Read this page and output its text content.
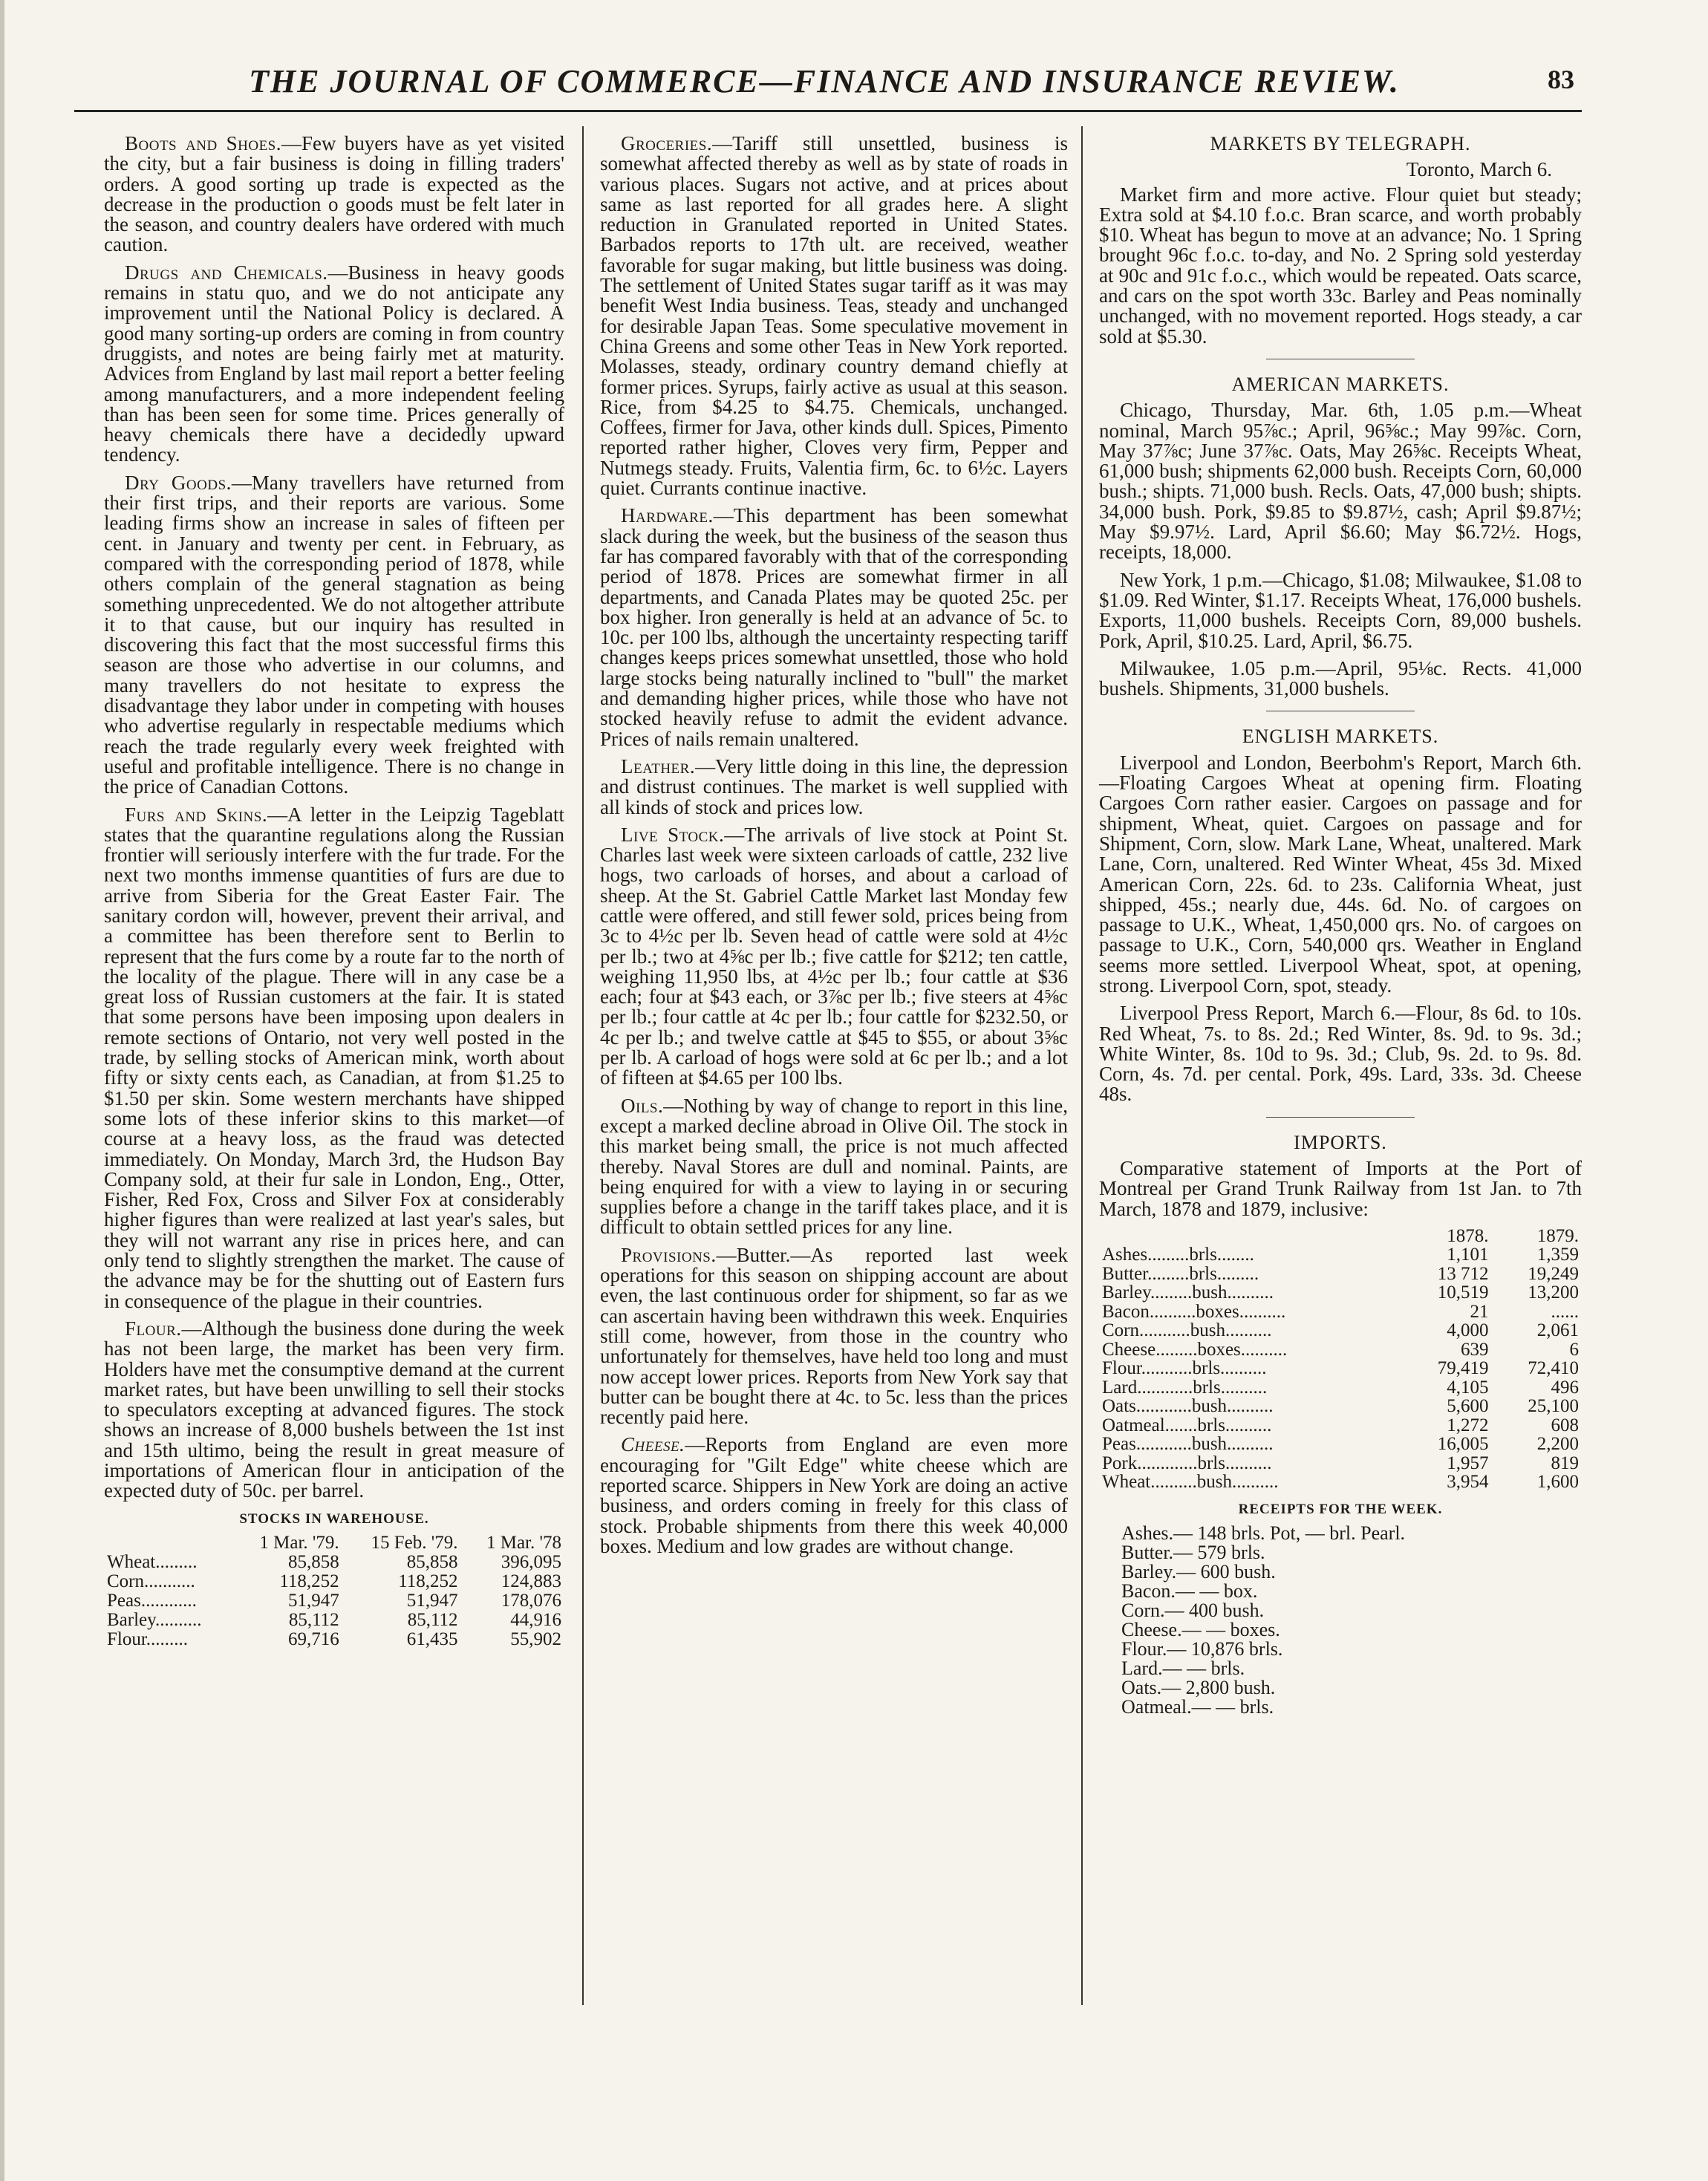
THE JOURNAL OF COMMERCE—FINANCE AND INSURANCE REVIEW.	83

Boots and Shoes.—Few buyers have as yet visited the city, but a fair business is doing in filling traders' orders. A good sorting up trade is expected as the decrease in the production o goods must be felt later in the season, and country dealers have ordered with much caution.

Drugs and Chemicals.—Business in heavy goods remains in statu quo, and we do not anticipate any improvement until the National Policy is declared. A good many sorting-up orders are coming in from country druggists, and notes are being fairly met at maturity. Advices from England by last mail report a better feeling among manufacturers, and a more independent feeling than has been seen for some time. Prices generally of heavy chemicals there have a decidedly upward tendency.

Dry Goods.—Many travellers have returned from their first trips, and their reports are various. Some leading firms show an increase in sales of fifteen per cent. in January and twenty per cent. in February, as compared with the corresponding period of 1878, while others complain of the general stagnation as being something unprecedented. We do not altogether attribute it to that cause, but our inquiry has resulted in discovering this fact that the most successful firms this season are those who advertise in our columns, and many travellers do not hesitate to express the disadvantage they labor under in competing with houses who advertise regularly in respectable mediums which reach the trade regularly every week freighted with useful and profitable intelligence. There is no change in the price of Canadian Cottons.

Furs and Skins.—A letter in the Leipzig Tageblatt states that the quarantine regulations along the Russian frontier will seriously interfere with the fur trade. For the next two months immense quantities of furs are due to arrive from Siberia for the Great Easter Fair. The sanitary cordon will, however, prevent their arrival, and a committee has been therefore sent to Berlin to represent that the furs come by a route far to the north of the locality of the plague. There will in any case be a great loss of Russian customers at the fair. It is stated that some persons have been imposing upon dealers in remote sections of Ontario, not very well posted in the trade, by selling stocks of American mink, worth about fifty or sixty cents each, as Canadian, at from $1.25 to $1.50 per skin. Some western merchants have shipped some lots of these inferior skins to this market—of course at a heavy loss, as the fraud was detected immediately. On Monday, March 3rd, the Hudson Bay Company sold, at their fur sale in London, Eng., Otter, Fisher, Red Fox, Cross and Silver Fox at considerably higher figures than were realized at last year's sales, but they will not warrant any rise in prices here, and can only tend to slightly strengthen the market. The cause of the advance may be for the shutting out of Eastern furs in consequence of the plague in their countries.

Flour.—Although the business done during the week has not been large, the market has been very firm. Holders have met the consumptive demand at the current market rates, but have been unwilling to sell their stocks to speculators excepting at advanced figures. The stock shows an increase of 8,000 bushels between the 1st inst and 15th ultimo, being the result in great measure of importations of American flour in anticipation of the expected duty of 50c. per barrel.

STOCKS IN WAREHOUSE.
	1 Mar. '79.	15 Feb. '79.	1 Mar. '78
Wheat.........	85,858	85,858	396,095
Corn...........	118,252	118,252	124,883
Peas............	51,947	51,947	178,076
Barley..........	85,112	85,112	44,916
Flour.........	69,716	61,435	55,902

Groceries.—Tariff still unsettled, business is somewhat affected thereby as well as by state of roads in various places. Sugars not active, and at prices about same as last reported for all grades here. A slight reduction in Granulated reported in United States. Barbados reports to 17th ult. are received, weather favorable for sugar making, but little business was doing. The settlement of United States sugar tariff as it was may benefit West India business. Teas, steady and unchanged for desirable Japan Teas. Some speculative movement in China Greens and some other Teas in New York reported. Molasses, steady, ordinary country demand chiefly at former prices. Syrups, fairly active as usual at this season. Rice, from $4.25 to $4.75. Chemicals, unchanged. Coffees, firmer for Java, other kinds dull. Spices, Pimento reported rather higher, Cloves very firm, Pepper and Nutmegs steady. Fruits, Valentia firm, 6c. to 6½c. Layers quiet. Currants continue inactive.

Hardware.—This department has been somewhat slack during the week, but the business of the season thus far has compared favorably with that of the corresponding period of 1878. Prices are somewhat firmer in all departments, and Canada Plates may be quoted 25c. per box higher. Iron generally is held at an advance of 5c. to 10c. per 100 lbs, although the uncertainty respecting tariff changes keeps prices somewhat unsettled, those who hold large stocks being naturally inclined to "bull" the market and demanding higher prices, while those who have not stocked heavily refuse to admit the evident advance. Prices of nails remain unaltered.

Leather.—Very little doing in this line, the depression and distrust continues. The market is well supplied with all kinds of stock and prices low.

Live Stock.—The arrivals of live stock at Point St. Charles last week were sixteen carloads of cattle, 232 live hogs, two carloads of horses, and about a carload of sheep. At the St. Gabriel Cattle Market last Monday few cattle were offered, and still fewer sold, prices being from 3c to 4½c per lb. Seven head of cattle were sold at 4½c per lb.; two at 4⅝c per lb.; five cattle for $212; ten cattle, weighing 11,950 lbs, at 4½c per lb.; four cattle at $36 each; four at $43 each, or 3⅞c per lb.; five steers at 4⅝c per lb.; four cattle at 4c per lb.; four cattle for $232.50, or 4c per lb.; and twelve cattle at $45 to $55, or about 3⅝c per lb. A carload of hogs were sold at 6c per lb.; and a lot of fifteen at $4.65 per 100 lbs.

Oils.—Nothing by way of change to report in this line, except a marked decline abroad in Olive Oil. The stock in this market being small, the price is not much affected thereby. Naval Stores are dull and nominal. Paints, are being enquired for with a view to laying in or securing supplies before a change in the tariff takes place, and it is difficult to obtain settled prices for any line.

Provisions.—Butter.—As reported last week operations for this season on shipping account are about even, the last continuous order for shipment, so far as we can ascertain having been withdrawn this week. Enquiries still come, however, from those in the country who unfortunately for themselves, have held too long and must now accept lower prices. Reports from New York say that butter can be bought there at 4c. to 5c. less than the prices recently paid here.

Cheese.—Reports from England are even more encouraging for "Gilt Edge" white cheese which are reported scarce. Shippers in New York are doing an active business, and orders coming in freely for this class of stock. Probable shipments from there this week 40,000 boxes. Medium and low grades are without change.

MARKETS BY TELEGRAPH.
Toronto, March 6.

Market firm and more active. Flour quiet but steady; Extra sold at $4.10 f.o.c. Bran scarce, and worth probably $10. Wheat has begun to move at an advance; No. 1 Spring brought 96c f.o.c. to-day, and No. 2 Spring sold yesterday at 90c and 91c f.o.c., which would be repeated. Oats scarce, and cars on the spot worth 33c. Barley and Peas nominally unchanged, with no movement reported. Hogs steady, a car sold at $5.30.

AMERICAN MARKETS.

Chicago, Thursday, Mar. 6th, 1.05 p.m.—Wheat nominal, March 95⅞c.; April, 96⅝c.; May 99⅞c. Corn, May 37⅞c; June 37⅞c. Oats, May 26⅝c. Receipts Wheat, 61,000 bush; shipments 62,000 bush. Receipts Corn, 60,000 bush.; shipts. 71,000 bush. Recls. Oats, 47,000 bush; shipts. 34,000 bush. Pork, $9.85 to $9.87½, cash; April $9.87½; May $9.97½. Lard, April $6.60; May $6.72½. Hogs, receipts, 18,000.

New York, 1 p.m.—Chicago, $1.08; Milwaukee, $1.08 to $1.09. Red Winter, $1.17. Receipts Wheat, 176,000 bushels. Exports, 11,000 bushels. Receipts Corn, 89,000 bushels. Pork, April, $10.25. Lard, April, $6.75.

Milwaukee, 1.05 p.m.—April, 95⅛c. Rects. 41,000 bushels. Shipments, 31,000 bushels.

ENGLISH MARKETS.

Liverpool and London, Beerbohm's Report, March 6th.—Floating Cargoes Wheat at opening firm. Floating Cargoes Corn rather easier. Cargoes on passage and for shipment, Wheat, quiet. Cargoes on passage and for Shipment, Corn, slow. Mark Lane, Wheat, unaltered. Mark Lane, Corn, unaltered. Red Winter Wheat, 45s 3d. Mixed American Corn, 22s. 6d. to 23s. California Wheat, just shipped, 45s.; nearly due, 44s. 6d. No. of cargoes on passage to U.K., Wheat, 1,450,000 qrs. No. of cargoes on passage to U.K., Corn, 540,000 qrs. Weather in England seems more settled. Liverpool Wheat, spot, at opening, strong. Liverpool Corn, spot, steady.

Liverpool Press Report, March 6.—Flour, 8s 6d. to 10s. Red Wheat, 7s. to 8s. 2d.; Red Winter, 8s. 9d. to 9s. 3d.; White Winter, 8s. 10d to 9s. 3d.; Club, 9s. 2d. to 9s. 8d. Corn, 4s. 7d. per cental. Pork, 49s. Lard, 33s. 3d. Cheese 48s.

IMPORTS.

Comparative statement of Imports at the Port of Montreal per Grand Trunk Railway from 1st Jan. to 7th March, 1878 and 1879, inclusive:

	1878.	1879.
Ashes.........brls........	1,101	1,359
Butter.........brls.........	13 712	19,249
Barley.........bush..........	10,519	13,200
Bacon..........boxes..........	21	......
Corn...........bush..........	4,000	2,061
Cheese.........boxes..........	639	6
Flour...........brls..........	79,419	72,410
Lard............brls..........	4,105	496
Oats............bush..........	5,600	25,100
Oatmeal.......brls..........	1,272	608
Peas............bush..........	16,005	2,200
Pork.............brls..........	1,957	819
Wheat..........bush..........	3,954	1,600
RECEIPTS FOR THE WEEK.
Ashes.— 148 brls. Pot, — brl. Pearl.
Butter.— 579 brls.
Barley.— 600 bush.
Bacon.— — box.
Corn.— 400 bush.
Cheese.— — boxes.
Flour.— 10,876 brls.
Lard.— — brls.
Oats.— 2,800 bush.
Oatmeal.— — brls.
